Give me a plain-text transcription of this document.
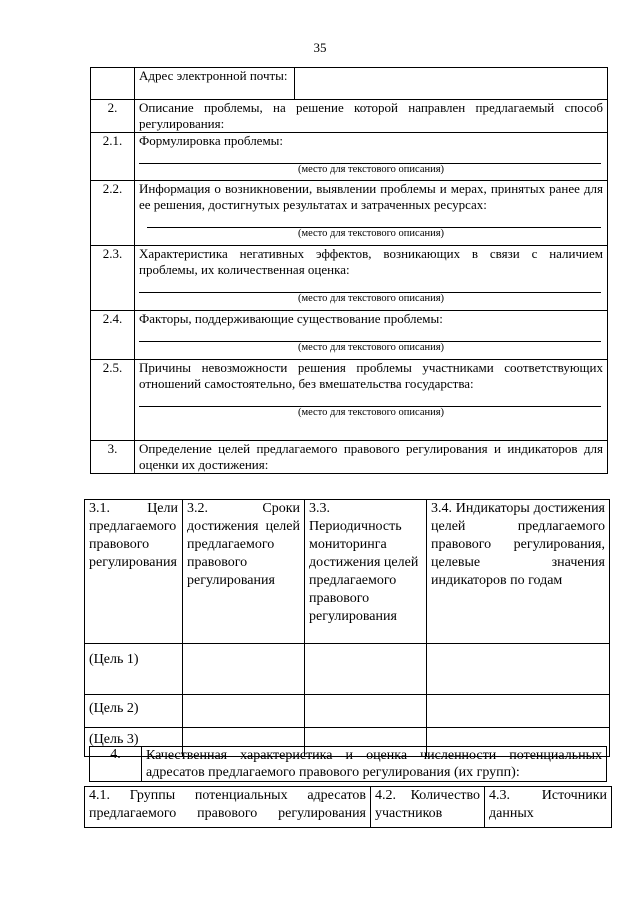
35
	Адрес электронной почты:	
2.	Описание проблемы, на решение которой направлен предлагаемый способ регулирования:	
2.1.	Формулировка проблемы:
(место для текстового описания)	

2.2.	Информация о возникновении, выявлении проблемы и мерах, принятых ранее для ее решения, достигнутых результатах и затраченных ресурсах:
(место для текстового описания)	

2.3.	Характеристика негативных эффектов, возникающих в связи с наличием проблемы, их количественная оценка:
(место для текстового описания)	

2.4.	Факторы, поддерживающие существование проблемы:
(место для текстового описания)	

2.5.	Причины невозможности решения проблемы участниками соответствующих отношений самостоятельно, без вмешательства государства:
(место для текстового описания)	

3.	Определение целей предлагаемого правового регулирования и индикаторов для оценки их достижения:	
3.1. Цели предлагаемого правового регулирования	3.2. Сроки достижения целей предлагаемого правового регулирования	3.3. Периодичность мониторинга достижения целей предлагаемого правового регулирования	3.4. Индикаторы достижения целей предлагаемого правового регулирования, целевые значения индикаторов по годам
(Цель 1)			
(Цель 2)			
(Цель 3)			
4.	Качественная характеристика и оценка численности потенциальных адресатов предлагаемого правового регулирования (их групп):
4.1. Группы потенциальных адресатов предлагаемого правового регулирования	4.2. Количество участников	4.3. Источники данных
